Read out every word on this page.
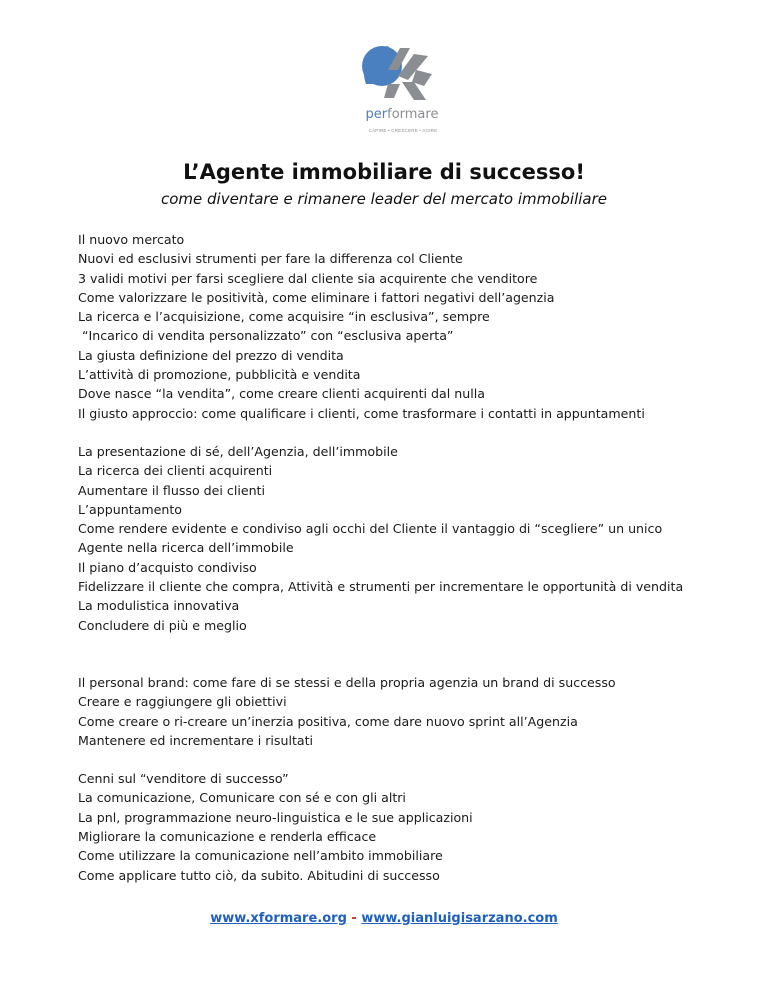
performare
CAPIRE • CRESCERE • AGIRE
L’Agente immobiliare di successo!
come diventare e rimanere leader del mercato immobiliare
Il nuovo mercato
Nuovi ed esclusivi strumenti per fare la differenza col Cliente
3 validi motivi per farsi scegliere dal cliente sia acquirente che venditore
Come valorizzare le positività, come eliminare i fattori negativi dell’agenzia
La ricerca e l’acquisizione, come acquisire “in esclusiva”, sempre
“Incarico di vendita personalizzato” con “esclusiva aperta”
La giusta definizione del prezzo di vendita
L’attività di promozione, pubblicità e vendita
Dove nasce “la vendita”, come creare clienti acquirenti dal nulla
Il giusto approccio: come qualificare i clienti, come trasformare i contatti in appuntamenti
La presentazione di sé, dell’Agenzia, dell’immobile
La ricerca dei clienti acquirenti
Aumentare il flusso dei clienti
L’appuntamento
Come rendere evidente e condiviso agli occhi del Cliente il vantaggio di “scegliere” un unico Agente nella ricerca dell’immobile
Il piano d’acquisto condiviso
Fidelizzare il cliente che compra, Attività e strumenti per incrementare le opportunità di vendita
La modulistica innovativa
Concludere di più e meglio
Il personal brand: come fare di se stessi e della propria agenzia un brand di successo
Creare e raggiungere gli obiettivi
Come creare o ri-creare un’inerzia positiva, come dare nuovo sprint all’Agenzia
Mantenere ed incrementare i risultati
Cenni sul “venditore di successo”
La comunicazione, Comunicare con sé e con gli altri
La pnl, programmazione neuro-linguistica e le sue applicazioni
Migliorare la comunicazione e renderla efficace
Come utilizzare la comunicazione nell’ambito immobiliare
Come applicare tutto ciò, da subito. Abitudini di successo
www.xformare.org - www.gianluigisarzano.com
